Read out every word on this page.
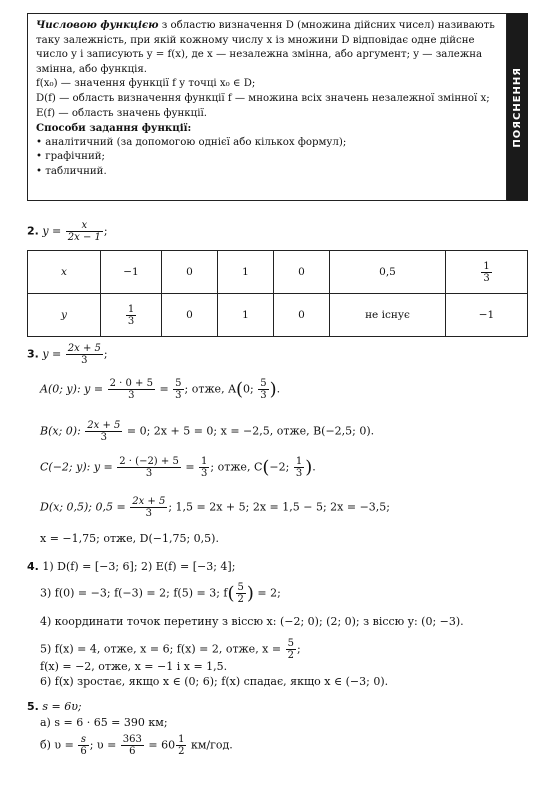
Числовою функцією з областю визначення D (множина дійсних чисел) називають таку залежність, при якій кожному числу x із множини D відповідає одне дійсне число y і записують y = f(x), де x — незалежна змінна, або аргумент; y — залежна змінна, або функція.

f(x₀) — значення функції f у точці x₀ ∈ D;

D(f) — область визначення функції f — множина всіх значень незалежної змінної x;

E(f) — область значень функції.

Способи задання функції:

• аналітичний (за допомогою однієї або кількох формул);

• графічний;

• табличний.

ПОЯСНЕННЯ
2. $y = \frac{x}{2x - 1}$ ;
x	−1	0	1	0	0,5	$\frac{1}{3}$

y	$\frac{1}{3}$	0	1	0	не існує	−1
3. $y = \frac{2x + 5}{3}$ ;
A(0; y): $y = \frac{2 \cdot 0 + 5}{3} = \frac{5}{3}$ ; отже, A(0; $\frac{5}{3}$ ).
B(x; 0): $\frac{2x + 5}{3} = 0$; 2x + 5 = 0; x = −2,5, отже, B(−2,5; 0).
C(−2; y): $y = \frac{2 \cdot (-2) + 5}{3} = \frac{1}{3}$ ; отже, C(−2; $\frac{1}{3}$ ).
D(x; 0,5); $0,5 = \frac{2x + 5}{3}$ ; 1,5 = 2x + 5; 2x = 1,5 − 5; 2x = −3,5;
x = −1,75; отже, D(−1,75; 0,5).
4. 1) D(f) = [−3; 6]; 2) E(f) = [−3; 4];
3) f(0) = −3; f(−3) = 2; f(5) = 3; $f( \frac{5}{2}$ ) = 2;
4) координати точок перетину з віссю x: (−2; 0); (2; 0); з віссю y: (0; −3).
5) f(x) = 4, отже, x = 6; f(x) = 2, отже, $x = \frac{5}{2}$ ;
f(x) = −2, отже, x = −1 і x = 1,5.
6) f(x) зростає, якщо x ∈ (0; 6); f(x) спадає, якщо x ∈ (−3; 0).
5. s = 6υ;
а) s = 6 · 65 = 390 км;
б) $\upsilon = \frac{s}{6}$ ; $\upsilon = \frac{363}{6} = 60 \frac{1}{2} км/год$.
